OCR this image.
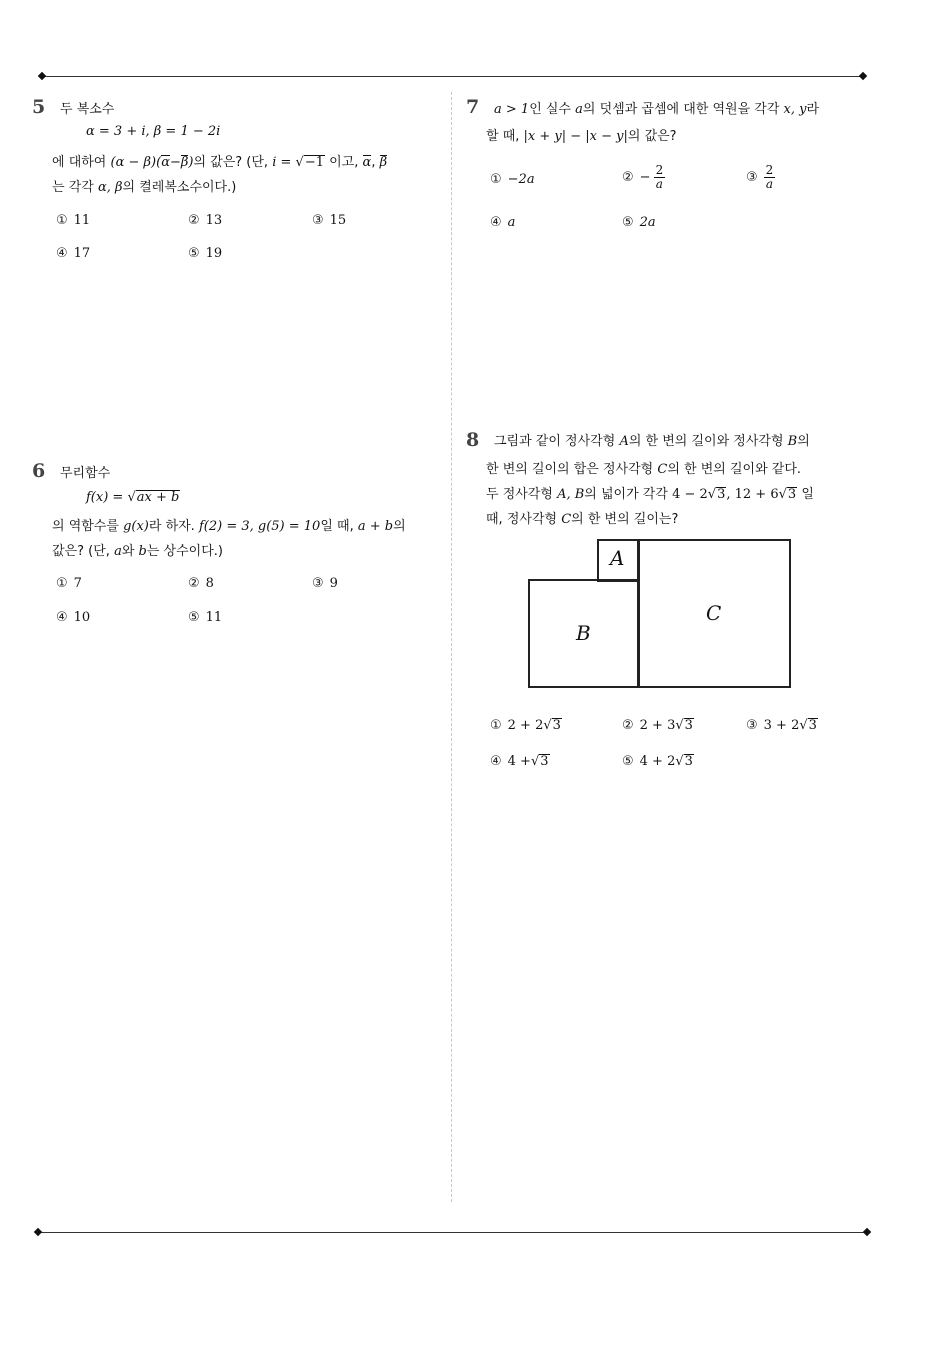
5 두 복소수
α = 3 + i, β = 1 − 2i
에 대하여 (α − β)(α−β)의 값은? (단, i = √−1 이고, α, β
는 각각 α, β의 켤레복소수이다.)
① 11	② 13	③ 15
④ 17	⑤ 19
6 무리함수
f(x) = √ax + b
의 역함수를 g(x)라 하자. f(2) = 3, g(5) = 10일 때, a + b의
값은? (단, a와 b는 상수이다.)
① 7	② 8	③ 9
④ 10	⑤ 11
7 a > 1인 실수 a의 덧셈과 곱셈에 대한 역원을 각각 x, y라
할 때, |x + y| − |x − y|의 값은?
① −2a	② − $\frac{2}{a}$	③ $\frac{2}{a}$
④ a	⑤ 2a
8 그림과 같이 정사각형 A의 한 변의 길이와 정사각형 B의
한 변의 길이의 합은 정사각형 C의 한 변의 길이와 같다.
두 정사각형 A, B의 넓이가 각각 4 − 2√3, 12 + 6√3 일
때, 정사각형 C의 한 변의 길이는?
A
B
C
① 2 + 2√3	② 2 + 3√3	③ 3 + 2√3
④ 4 +√3	⑤ 4 + 2√3
